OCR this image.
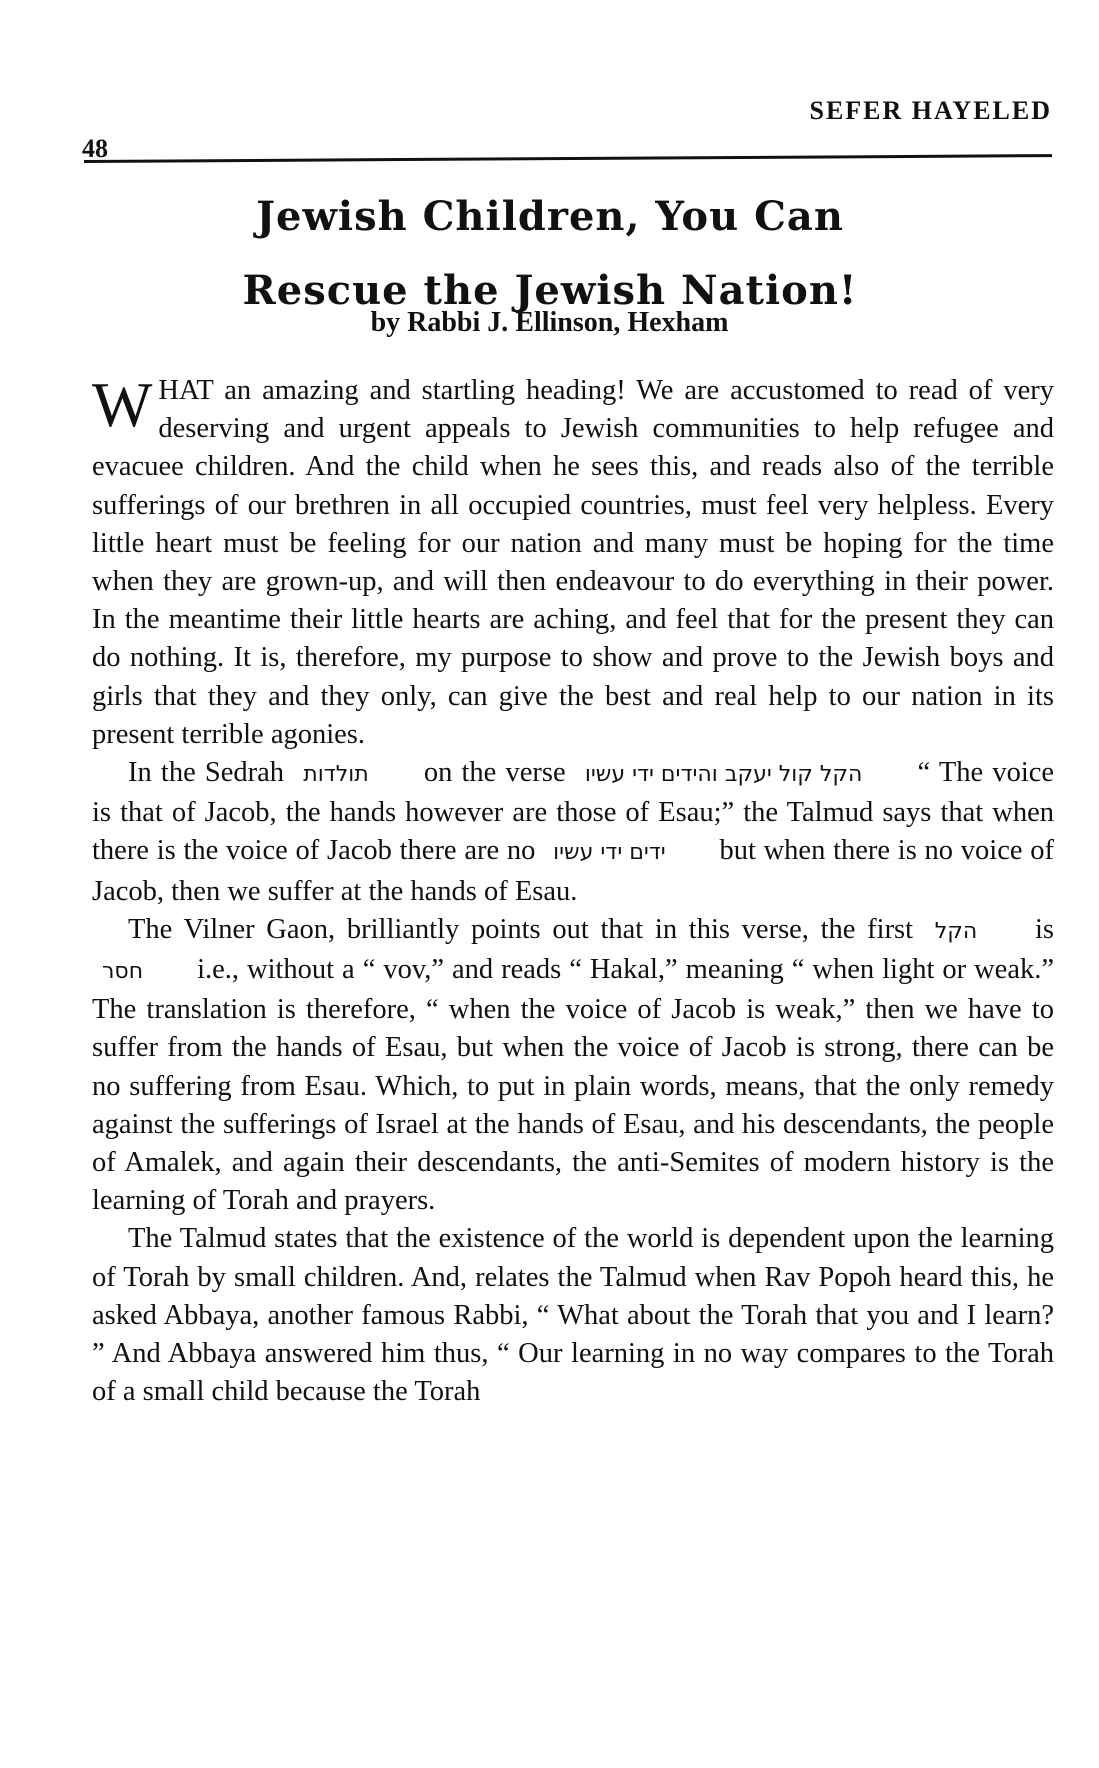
SEFER HAYELED
48
Jewish Children, You Can
Rescue the Jewish Nation!
by Rabbi J. Ellinson, Hexham

WHAT an amazing and startling heading! We are accustomed to read of very deserving and urgent appeals to Jewish communities to help refugee and evacuee children. And the child when he sees this, and reads also of the terrible sufferings of our brethren in all occupied countries, must feel very helpless. Every little heart must be feeling for our nation and many must be hoping for the time when they are grown-up, and will then endeavour to do everything in their power. In the meantime their little hearts are aching, and feel that for the present they can do nothing. It is, therefore, my purpose to show and prove to the Jewish boys and girls that they and they only, can give the best and real help to our nation in its present terrible agonies.

In the Sedrah תולדות on the verse הקל קול יעקב והידים ידי עשיו “ The voice is that of Jacob, the hands however are those of Esau;” the Talmud says that when there is the voice of Jacob there are no ידים ידי עשיו but when there is no voice of Jacob, then we suffer at the hands of Esau.

The Vilner Gaon, brilliantly points out that in this verse, the first הקל is חסר i.e., without a “ vov,” and reads “ Hakal,” meaning “ when light or weak.” The translation is therefore, “ when the voice of Jacob is weak,” then we have to suffer from the hands of Esau, but when the voice of Jacob is strong, there can be no suffering from Esau. Which, to put in plain words, means, that the only remedy against the sufferings of Israel at the hands of Esau, and his descendants, the people of Amalek, and again their descendants, the anti-Semites of modern history is the learning of Torah and prayers.

The Talmud states that the existence of the world is dependent upon the learning of Torah by small children. And, relates the Talmud when Rav Popoh heard this, he asked Abbaya, another famous Rabbi, “ What about the Torah that you and I learn? ” And Abbaya answered him thus, “ Our learning in no way compares to the Torah of a small child because the Torah
